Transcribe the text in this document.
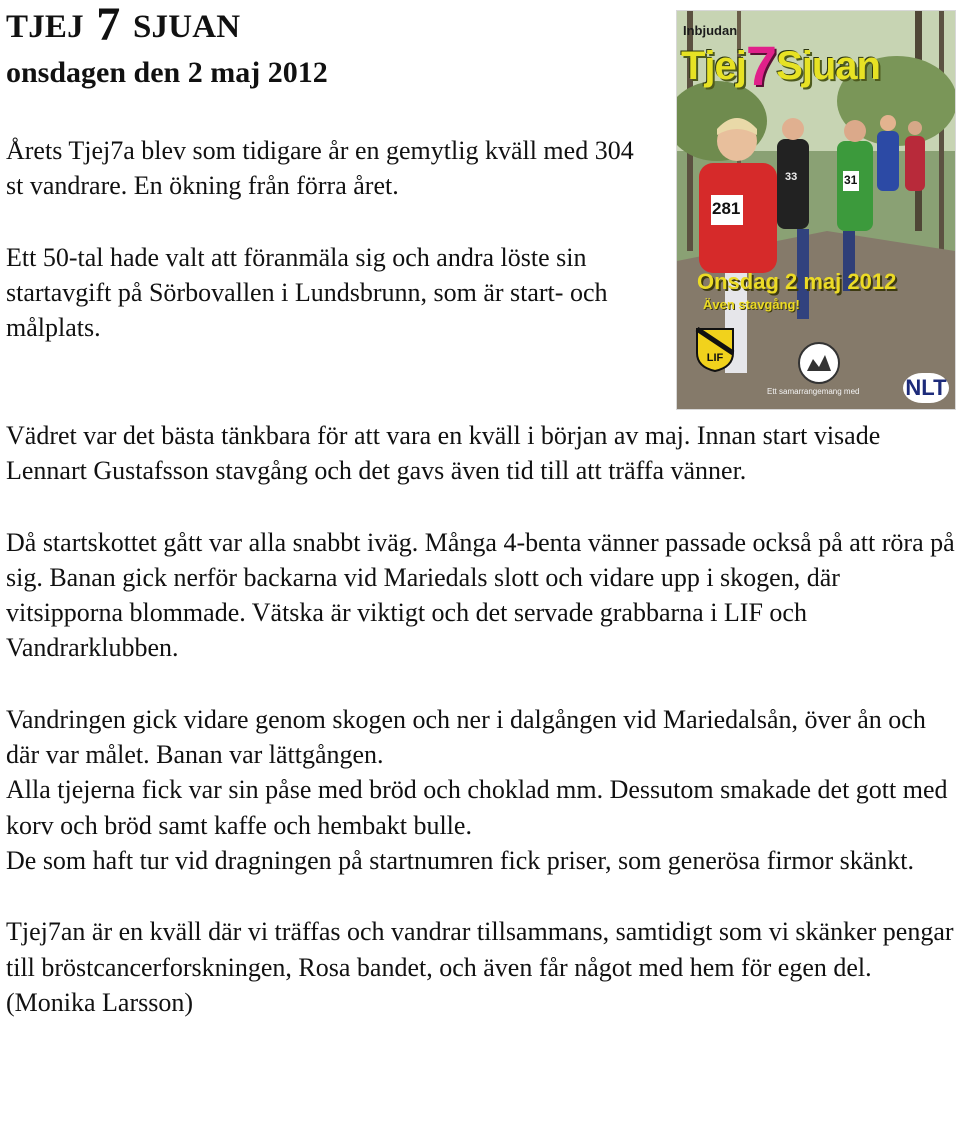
TJEJ 7 SJUAN
onsdagen den 2 maj 2012

Årets Tjej7a blev som tidigare år en gemytlig kväll med 304 st vandrare. En ökning från förra året.

Ett 50-tal hade valt att föranmäla sig och andra löste sin startavgift på Sörbovallen i Lundsbrunn, som är start- och målplats.

Inbjudan
Tjej7Sjuan
281
31
33
Onsdag 2 maj 2012
Även stavgång!
LIF
NLT
Ett samarrangemang med

Vädret var det bästa tänkbara för att vara en kväll i början av maj. Innan start visade Lennart Gustafsson stavgång och det gavs även tid till att träffa vänner.

Då startskottet gått var alla snabbt iväg. Många 4-benta vänner passade också på att röra på sig. Banan gick nerför backarna vid Mariedals slott och vidare upp i skogen, där vitsipporna blommade. Vätska är viktigt och det servade grabbarna i LIF och Vandrarklubben.

Vandringen gick vidare genom skogen och ner i dalgången vid Mariedalsån, över ån och där var målet. Banan var lättgången.

Alla tjejerna fick var sin påse med bröd och choklad mm. Dessutom smakade det gott med korv och bröd samt kaffe och hembakt bulle.

De som haft tur vid dragningen på startnumren fick priser, som generösa firmor skänkt.

Tjej7an är en kväll där vi träffas och vandrar tillsammans, samtidigt som vi skänker pengar till bröstcancerforskningen, Rosa bandet, och även får något med hem för egen del.

(Monika Larsson)
